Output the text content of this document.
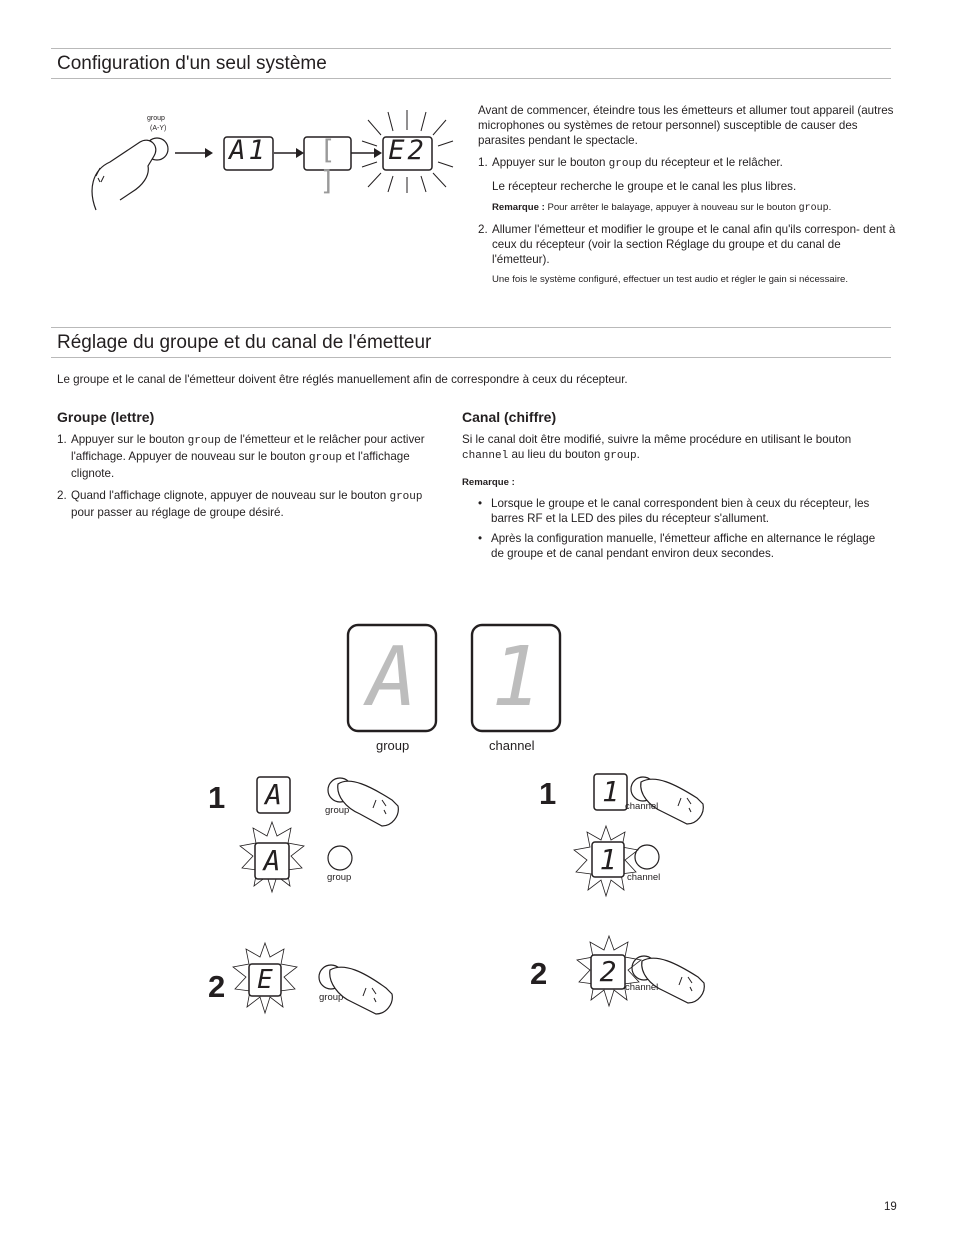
Configuration d'un seul système
group
(A-Y)
A1	[ ]
E2

Avant de commencer, éteindre tous les émetteurs et allumer tout appareil (autres microphones ou systèmes de retour personnel) susceptible de causer des parasites pendant le spectacle.

1. Appuyer sur le bouton group du récepteur et le relâcher.

Le récepteur recherche le groupe et le canal les plus libres.

Remarque : Pour arrêter le balayage, appuyer à nouveau sur le bouton group.

2. Allumer l'émetteur et modifier le groupe et le canal afin qu'ils correspon- dent à ceux du récepteur (voir la section Réglage du groupe et du canal de l'émetteur).

Une fois le système configuré, effectuer un test audio et régler le gain si nécessaire.

Réglage du groupe et du canal de l'émetteur

Le groupe et le canal de l'émetteur doivent être réglés manuellement afin de correspondre à ceux du récepteur.

Groupe (lettre)
1. Appuyer sur le bouton group de l'émetteur et le relâcher pour activer l'affichage. Appuyer de nouveau sur le bouton group et l'affichage clignote.
2. Quand l'affichage clignote, appuyer de nouveau sur le bouton group pour passer au réglage de groupe désiré.
Canal (chiffre)

Si le canal doit être modifié, suivre la même procédure en utilisant le bouton channel au lieu du bouton group.

Remarque :

• Lorsque le groupe et le canal correspondent bien à ceux du récepteur, les barres RF et la LED des piles du récepteur s'allument.
• Après la configuration manuelle, l'émetteur affiche en alternance le réglage de groupe et de canal pendant environ deux secondes.
A 1
group	channel
1
2
1
2
A
A
E
1
1
2
group
group
group
channel
channel
channel
19
